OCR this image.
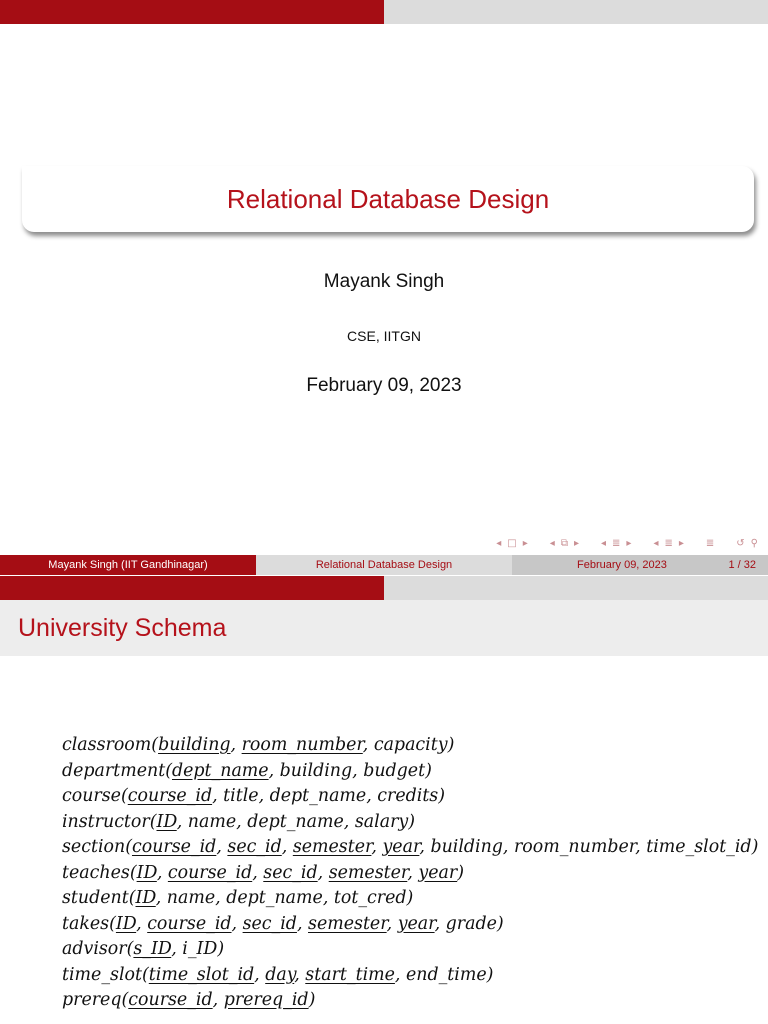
Relational Database Design
Mayank Singh
CSE, IITGN
February 09, 2023
◂ □ ▸ ◂ ⧉ ▸ ◂ ≣ ▸ ◂ ≣ ▸ ≣ ↺ ⚲
Mayank Singh (IIT Gandhinagar)	Relational Database Design	February 09, 2023	1 / 32
University Schema
classroom(building, room_number, capacity)
department(dept_name, building, budget)
course(course_id, title, dept_name, credits)
instructor(ID, name, dept_name, salary)
section(course_id, sec_id, semester, year, building, room_number, time_slot_id)
teaches(ID, course_id, sec_id, semester, year)
student(ID, name, dept_name, tot_cred)
takes(ID, course_id, sec_id, semester, year, grade)
advisor(s_ID, i_ID)
time_slot(time_slot_id, day, start_time, end_time)
prereq(course_id, prereq_id)
